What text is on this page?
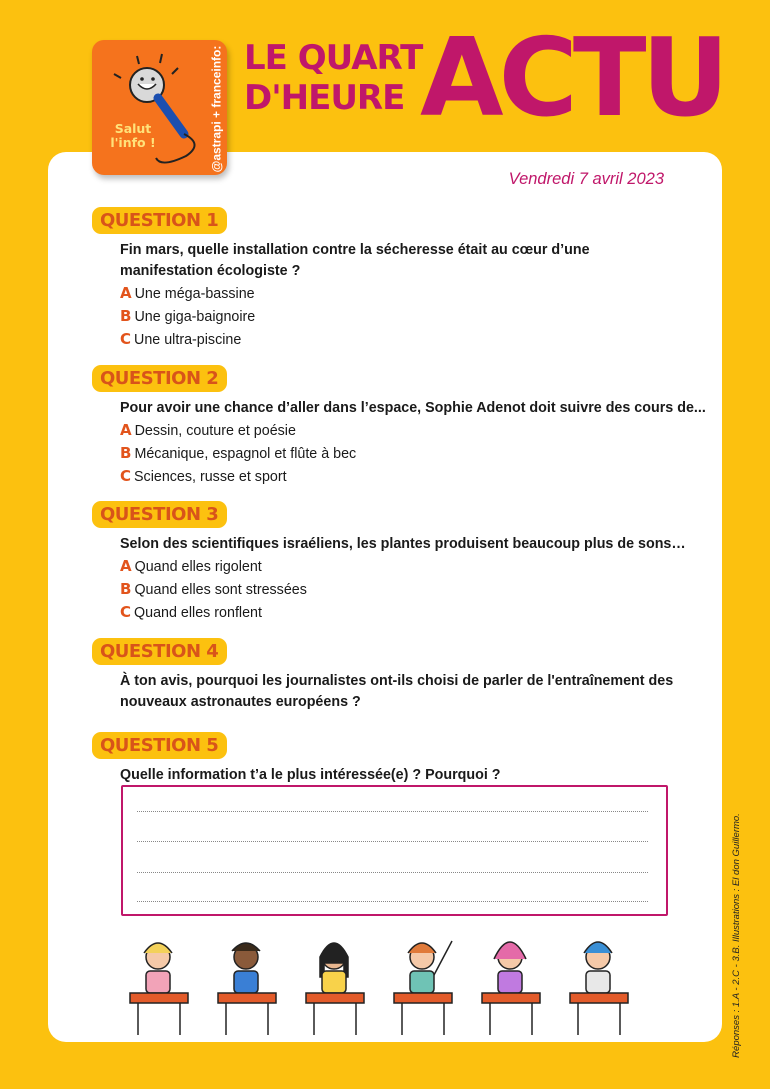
Salut
l'info !	@astrapi + franceinfo: LE QUART
D'HEURE ACTU
Vendredi 7 avril 2023
QUESTION 1
Fin mars, quelle installation contre la sécheresse était au cœur d’une manifestation écologiste ?
A Une méga-bassine
B Une giga-baignoire
C Une ultra-piscine
QUESTION 2
Pour avoir une chance d’aller dans l’espace, Sophie Adenot doit suivre des cours de...
A Dessin, couture et poésie
B Mécanique, espagnol et flûte à bec
C Sciences, russe et sport
QUESTION 3
Selon des scientifiques israéliens, les plantes produisent beaucoup plus de sons…
A Quand elles rigolent
B Quand elles sont stressées
C Quand elles ronflent
QUESTION 4
À ton avis, pourquoi les journalistes ont-ils choisi de parler de l'entraînement des nouveaux astronautes européens ?
QUESTION 5
Quelle information t’a le plus intéressée(e) ? Pourquoi ?
Réponses : 1.A - 2.C - 3.B. Illustrations : El don Guillermo.
